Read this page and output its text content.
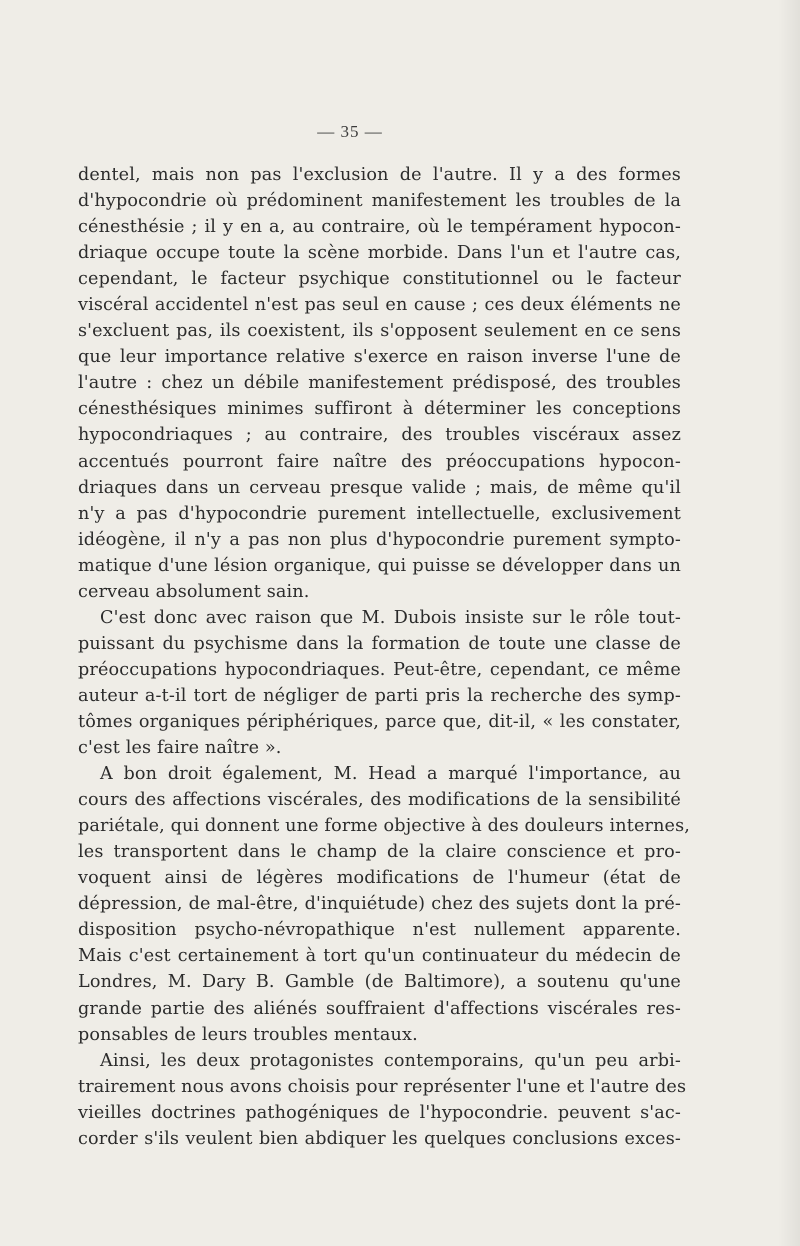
— 35 —
dentel, mais non pas l'exclusion de l'autre. Il y a des formes
d'hypocondrie où prédominent manifestement les troubles de la
cénesthésie ; il y en a, au contraire, où le tempérament hypocon-
driaque occupe toute la scène morbide. Dans l'un et l'autre cas,
cependant, le facteur psychique constitutionnel ou le facteur
viscéral accidentel n'est pas seul en cause ; ces deux éléments ne
s'excluent pas, ils coexistent, ils s'opposent seulement en ce sens
que leur importance relative s'exerce en raison inverse l'une de
l'autre : chez un débile manifestement prédisposé, des troubles
cénesthésiques minimes suffiront à déterminer les conceptions
hypocondriaques ; au contraire, des troubles viscéraux assez
accentués pourront faire naître des préoccupations hypocon-
driaques dans un cerveau presque valide ; mais, de même qu'il
n'y a pas d'hypocondrie purement intellectuelle, exclusivement
idéogène, il n'y a pas non plus d'hypocondrie purement sympto-
matique d'une lésion organique, qui puisse se développer dans un
cerveau absolument sain.
C'est donc avec raison que M. Dubois insiste sur le rôle tout-
puissant du psychisme dans la formation de toute une classe de
préoccupations hypocondriaques. Peut-être, cependant, ce même
auteur a-t-il tort de négliger de parti pris la recherche des symp-
tômes organiques périphériques, parce que, dit-il, « les constater,
c'est les faire naître ».
A bon droit également, M. Head a marqué l'importance, au
cours des affections viscérales, des modifications de la sensibilité
pariétale, qui donnent une forme objective à des douleurs internes,
les transportent dans le champ de la claire conscience et pro-
voquent ainsi de légères modifications de l'humeur (état de
dépression, de mal-être, d'inquiétude) chez des sujets dont la pré-
disposition psycho-névropathique n'est nullement apparente.
Mais c'est certainement à tort qu'un continuateur du médecin de
Londres, M. Dary B. Gamble (de Baltimore), a soutenu qu'une
grande partie des aliénés souffraient d'affections viscérales res-
ponsables de leurs troubles mentaux.
Ainsi, les deux protagonistes contemporains, qu'un peu arbi-
trairement nous avons choisis pour représenter l'une et l'autre des
vieilles doctrines pathogéniques de l'hypocondrie. peuvent s'ac-
corder s'ils veulent bien abdiquer les quelques conclusions exces-
